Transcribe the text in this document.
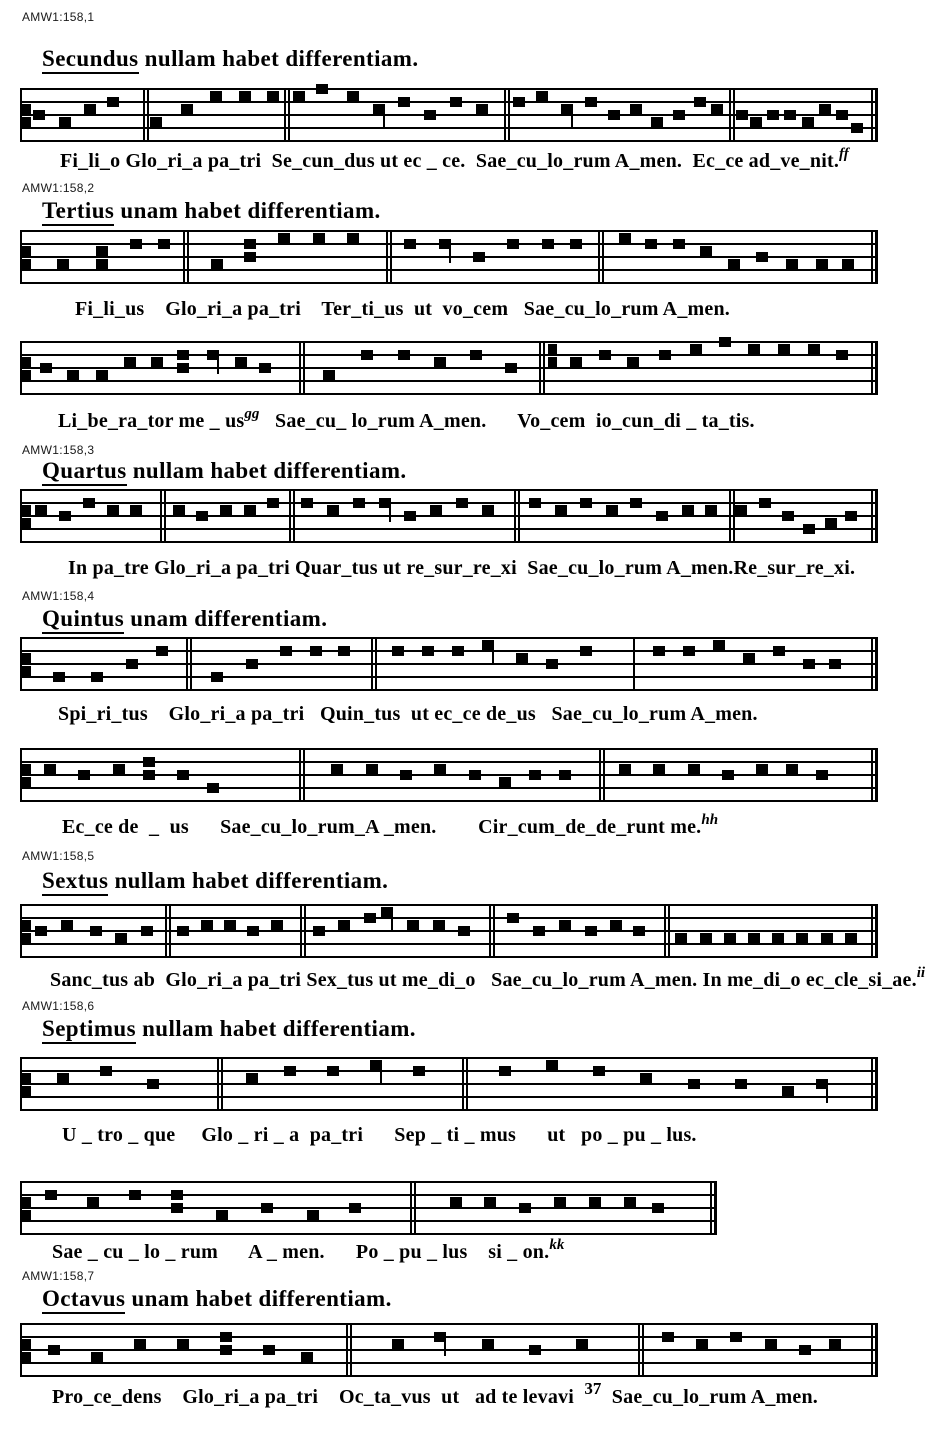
AMW1:158,1
AMW1:158,2
AMW1:158,3
AMW1:158,4
AMW1:158,5
AMW1:158,6
AMW1:158,7
Secundus nullam habet differentiam.
Tertius unam habet differentiam.
Quartus nullam habet differentiam.
Quintus unam differentiam.
Sextus nullam habet differentiam.
Septimus nullam habet differentiam.
Octavus unam habet differentiam.
Fi_li_o Glo_ri_a pa_tri  Se_cun_dus ut ec _ ce.  Sae_cu_lo_rum A_men.  Ec_ce ad_ve_nit.$^{ff}$
Fi_li_us    Glo_ri_a pa_tri    Ter_ti_us  ut  vo_cem   Sae_cu_lo_rum A_men.
Li_be_ra_tor me _ $us^{gg}$   Sae_cu_ lo_rum A_men.      Vo_cem  io_cun_di _ ta_tis.
In pa_tre Glo_ri_a pa_tri Quar_tus ut re_sur_re_xi  Sae_cu_lo_rum A_men.Re_sur_re_xi.
Spi_ri_tus    Glo_ri_a pa_tri   Quin_tus  ut ec_ce de_us   Sae_cu_lo_rum A_men.
Ec_ce de  _  us      Sae_cu_lo_rum_A _men.        Cir_cum_de_de_runt me.$^{hh}$
Sanc_tus ab  Glo_ri_a pa_tri Sex_tus ut me_di_o   Sae_cu_lo_rum A_men. In me_di_o ec_cle_si_ae.$^{ii}$
U _ tro _ que     Glo _ ri _ a  pa_tri      Sep _ ti _ mus      ut   po _ pu _ lus.
Sae _ cu _ lo _ rum      A _ men.      Po _ pu _ lus    si _ on.$^{kk}$
Pro_ce_dens    Glo_ri_a pa_tri    Oc_ta_vus  ut   ad te levavi  $^{37}$  Sae_cu_lo_rum A_men.
